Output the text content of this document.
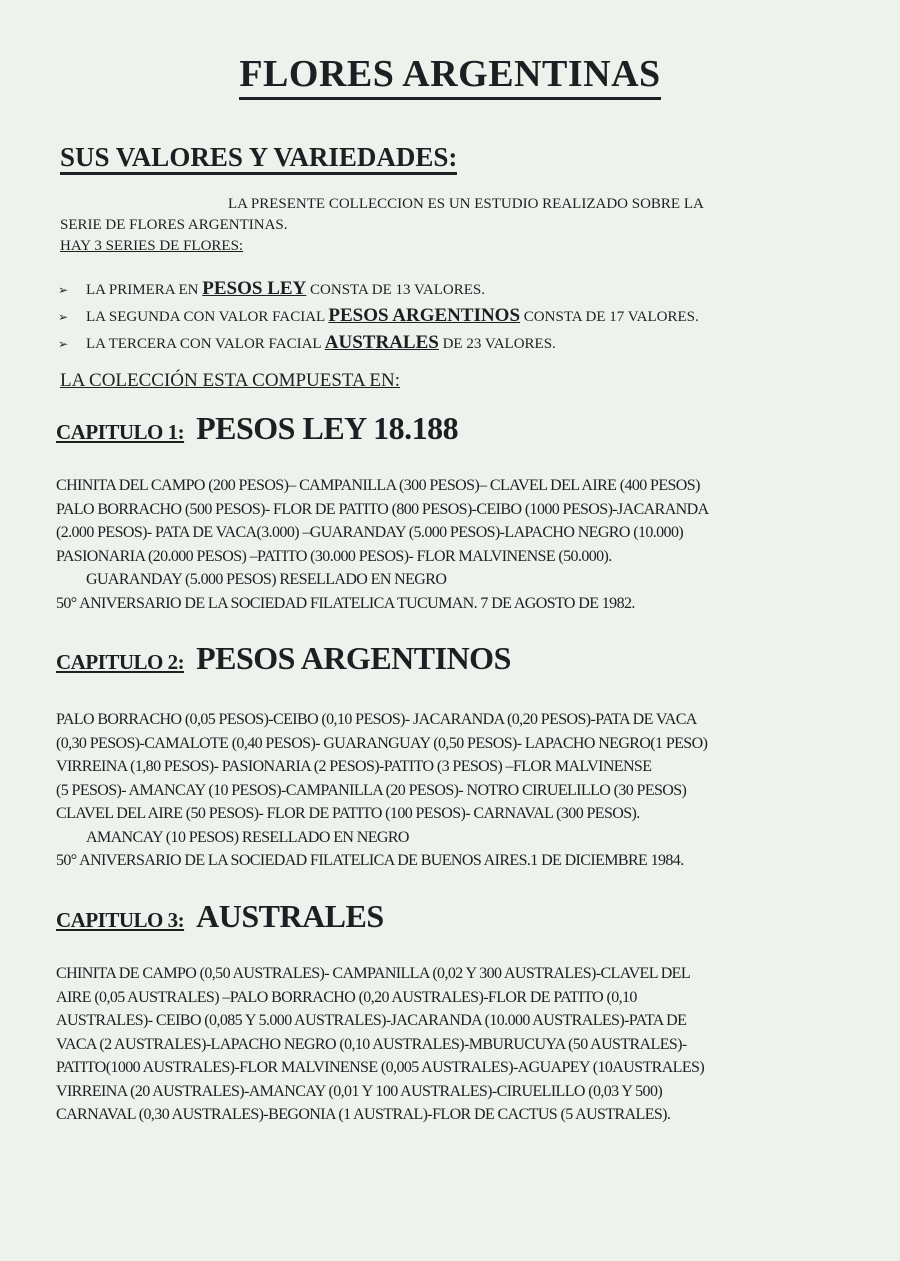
FLORES ARGENTINAS
SUS VALORES Y VARIEDADES:
LA PRESENTE COLLECCION ES UN ESTUDIO REALIZADO SOBRE LA
SERIE DE FLORES ARGENTINAS.
HAY 3 SERIES DE FLORES:
➢ LA PRIMERA EN PESOS LEY CONSTA DE 13 VALORES.
➢ LA SEGUNDA CON VALOR FACIAL PESOS ARGENTINOS CONSTA DE 17 VALORES.
➢ LA TERCERA CON VALOR FACIAL AUSTRALES DE 23 VALORES.
LA COLECCIÓN ESTA COMPUESTA EN:
CAPITULO 1: PESOS LEY 18.188
CHINITA DEL CAMPO (200 PESOS)– CAMPANILLA (300 PESOS)– CLAVEL DEL AIRE (400 PESOS)
PALO BORRACHO (500 PESOS)- FLOR DE PATITO (800 PESOS)-CEIBO (1000 PESOS)-JACARANDA
(2.000 PESOS)- PATA DE VACA(3.000) –GUARANDAY (5.000 PESOS)-LAPACHO NEGRO (10.000)
PASIONARIA (20.000 PESOS) –PATITO (30.000 PESOS)- FLOR MALVINENSE (50.000).
GUARANDAY (5.000 PESOS) RESELLADO EN NEGRO
50° ANIVERSARIO DE LA SOCIEDAD FILATELICA TUCUMAN. 7 DE AGOSTO DE 1982.
CAPITULO 2: PESOS ARGENTINOS
PALO BORRACHO (0,05 PESOS)-CEIBO (0,10 PESOS)- JACARANDA (0,20 PESOS)-PATA DE VACA
(0,30 PESOS)-CAMALOTE (0,40 PESOS)- GUARANGUAY (0,50 PESOS)- LAPACHO NEGRO(1 PESO)
VIRREINA (1,80 PESOS)- PASIONARIA (2 PESOS)-PATITO (3 PESOS) –FLOR MALVINENSE
(5 PESOS)- AMANCAY (10 PESOS)-CAMPANILLA (20 PESOS)- NOTRO CIRUELILLO (30 PESOS)
CLAVEL DEL AIRE (50 PESOS)- FLOR DE PATITO (100 PESOS)- CARNAVAL (300 PESOS).
AMANCAY (10 PESOS) RESELLADO EN NEGRO
50° ANIVERSARIO DE LA SOCIEDAD FILATELICA DE BUENOS AIRES.1 DE DICIEMBRE 1984.
CAPITULO 3: AUSTRALES
CHINITA DE CAMPO (0,50 AUSTRALES)- CAMPANILLA (0,02 Y 300 AUSTRALES)-CLAVEL DEL
AIRE (0,05 AUSTRALES) –PALO BORRACHO (0,20 AUSTRALES)-FLOR DE PATITO (0,10
AUSTRALES)- CEIBO (0,085 Y 5.000 AUSTRALES)-JACARANDA (10.000 AUSTRALES)-PATA DE
VACA (2 AUSTRALES)-LAPACHO NEGRO (0,10 AUSTRALES)-MBURUCUYA (50 AUSTRALES)-
PATITO(1000 AUSTRALES)-FLOR MALVINENSE (0,005 AUSTRALES)-AGUAPEY (10AUSTRALES)
VIRREINA (20 AUSTRALES)-AMANCAY (0,01 Y 100 AUSTRALES)-CIRUELILLO (0,03 Y 500)
CARNAVAL (0,30 AUSTRALES)-BEGONIA (1 AUSTRAL)-FLOR DE CACTUS (5 AUSTRALES).
